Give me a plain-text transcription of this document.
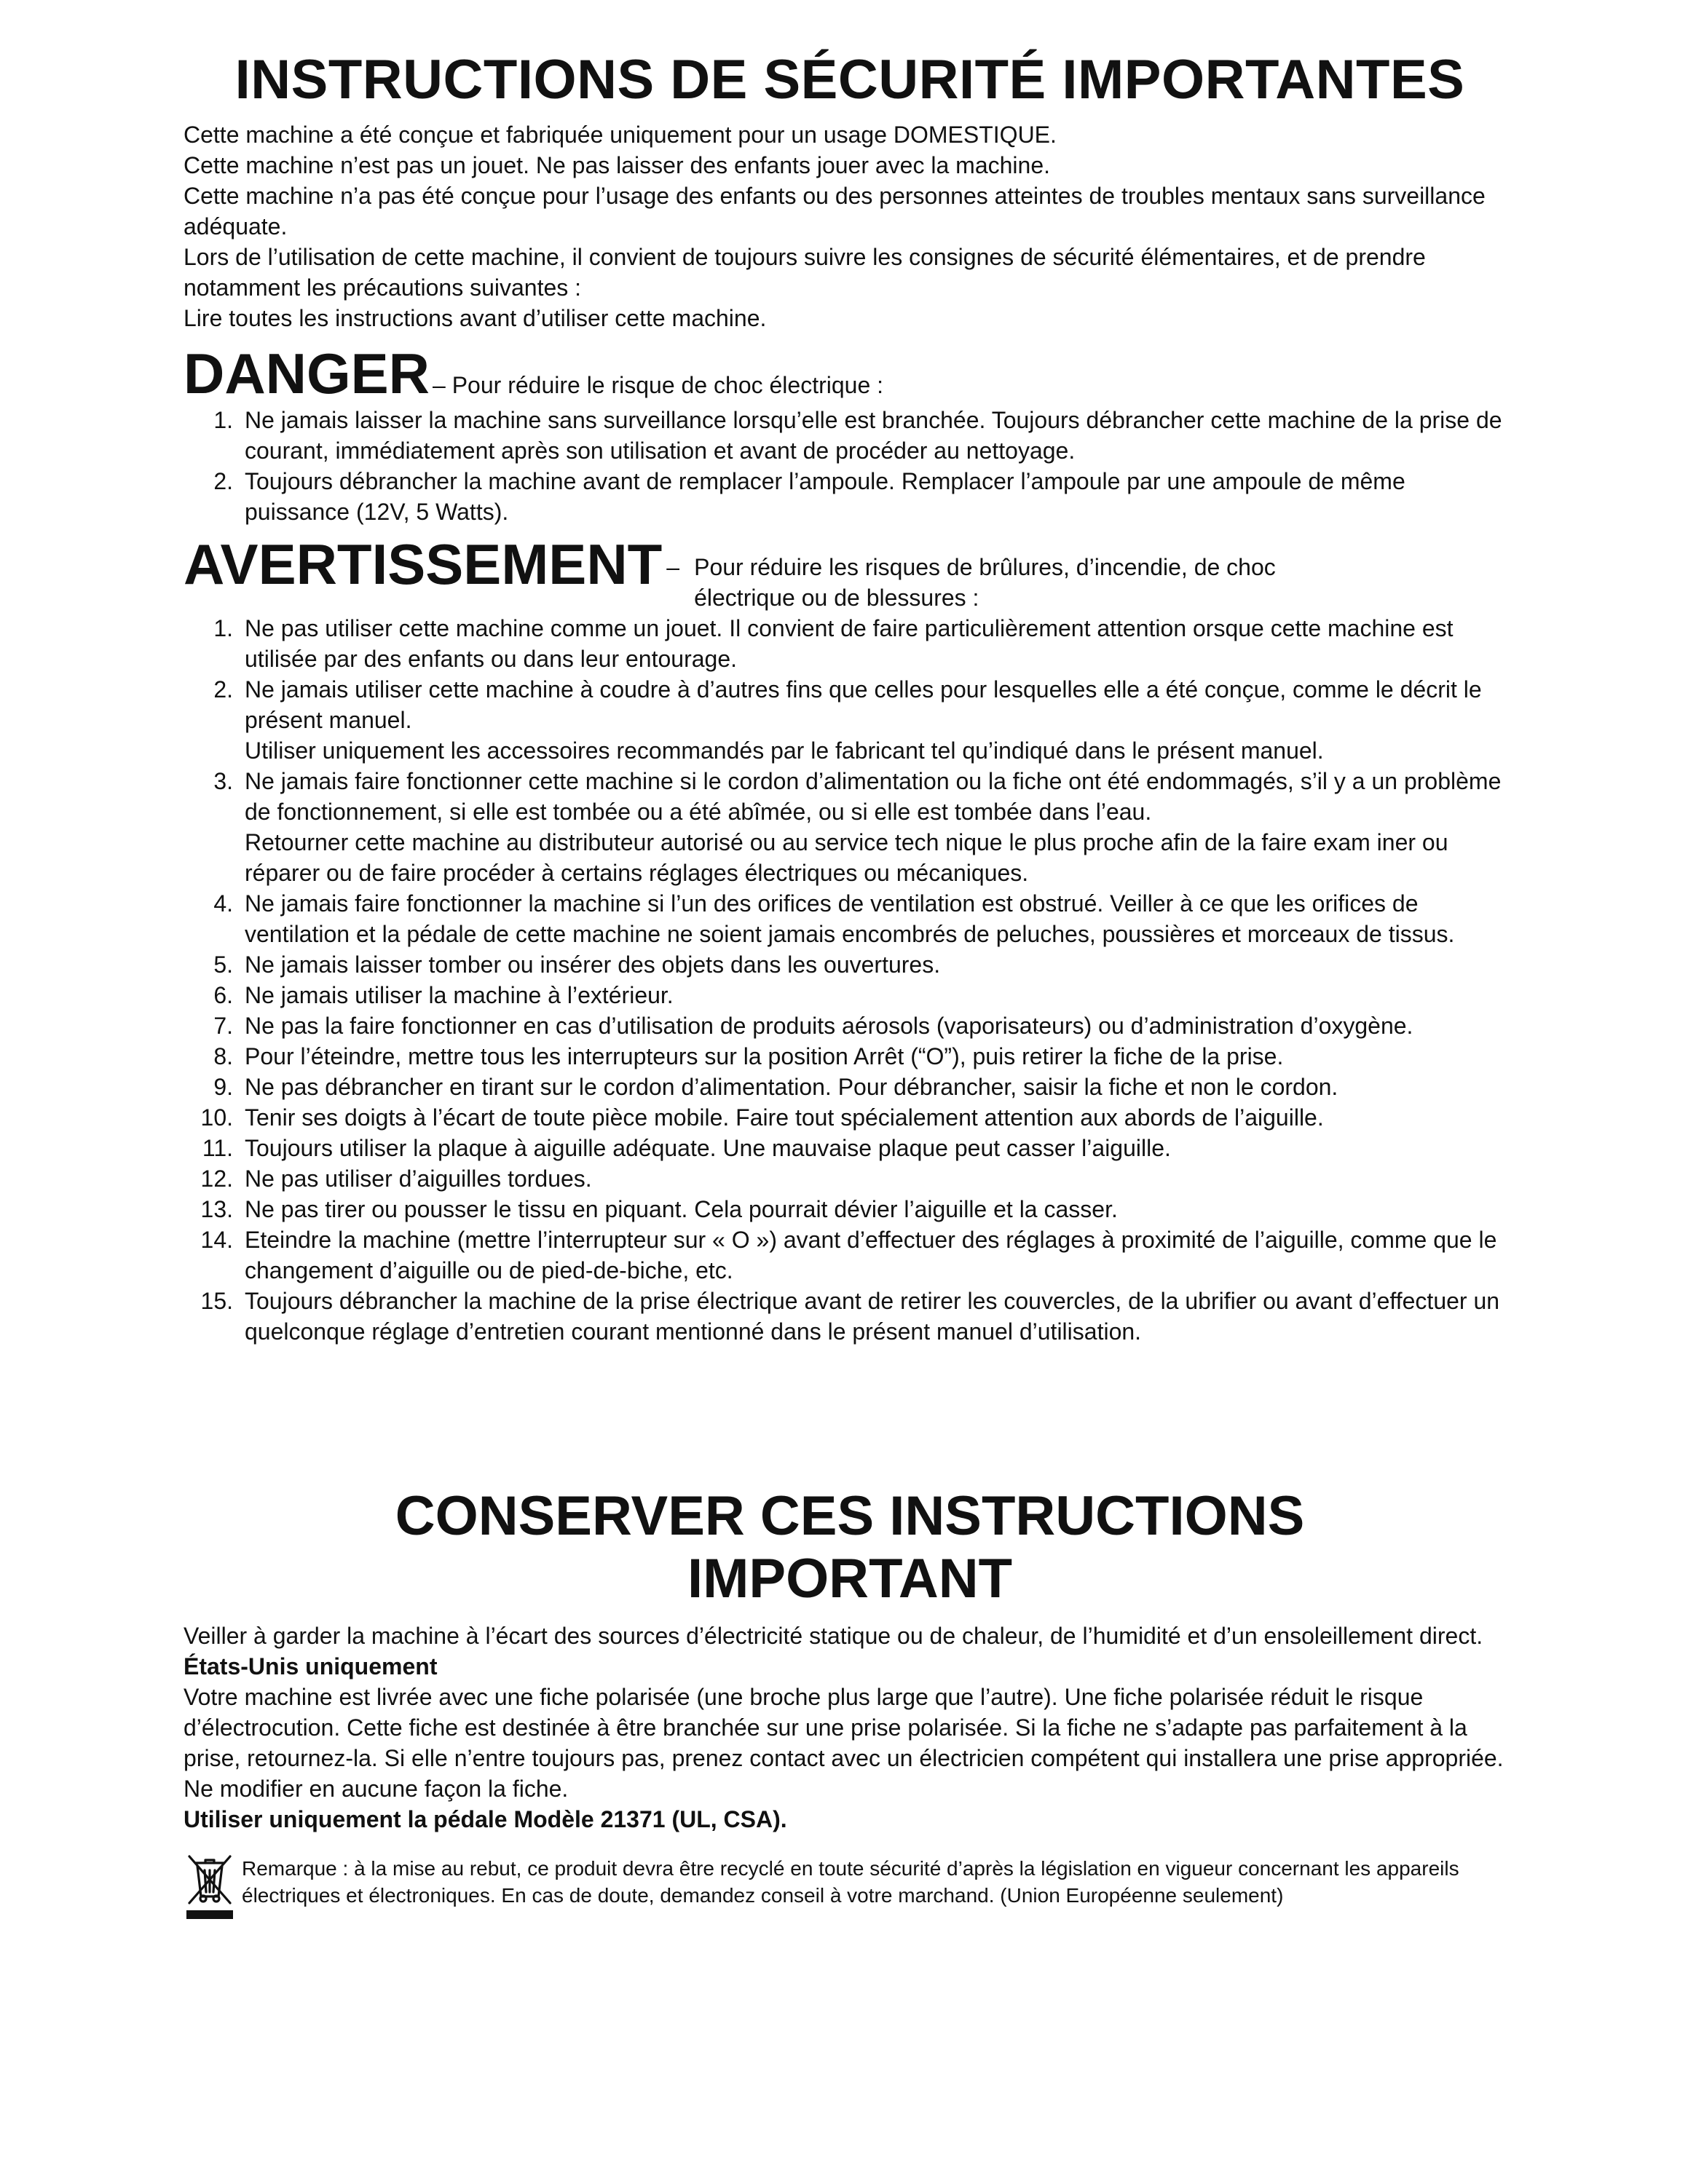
INSTRUCTIONS DE SÉCURITÉ IMPORTANTES

Cette machine a été conçue et fabriquée uniquement pour un usage DOMESTIQUE.

Cette machine n’est pas un jouet. Ne pas laisser des enfants jouer avec la machine.

Cette machine n’a pas été conçue pour l’usage des enfants ou des personnes atteintes de troubles mentaux sans surveillance adéquate.

Lors de l’utilisation de cette machine, il convient de toujours suivre les consignes de sécurité élémentaires, et de prendre notamment les précautions suivantes :

Lire toutes les instructions avant d’utiliser cette machine.

DANGER – Pour réduire le risque de choc électrique :
1. Ne jamais laisser la machine sans surveillance lorsqu’elle est branchée. Toujours débrancher cette machine de la prise de courant, immédiatement après son utilisation et avant de procéder au nettoyage.
2. Toujours débrancher la machine avant de remplacer l’ampoule. Remplacer l’ampoule par une ampoule de même puissance (12V, 5 Watts).
AVERTISSEMENT – Pour réduire les risques de brûlures, d’incendie, de choc électrique ou de blessures :
1. Ne pas utiliser cette machine comme un jouet. Il convient de faire particulièrement attention orsque cette machine est utilisée par des enfants ou dans leur entourage.
2. Ne jamais utiliser cette machine à coudre à d’autres fins que celles pour lesquelles elle a été conçue, comme le décrit le présent manuel.
Utiliser uniquement les accessoires recommandés par le fabricant tel qu’indiqué dans le présent manuel.
3. Ne jamais faire fonctionner cette machine si le cordon d’alimentation ou la fiche ont été endommagés, s’il y a un problème de fonctionnement, si elle est tombée ou a été abîmée, ou si elle est tombée dans l’eau.
Retourner cette machine au distributeur autorisé ou au service tech nique le plus proche afin de la faire exam iner ou réparer ou de faire procéder à certains réglages électriques ou mécaniques.
4. Ne jamais faire fonctionner la machine si l’un des orifices de ventilation est obstrué. Veiller à ce que les orifices de ventilation et la pédale de cette machine ne soient jamais encombrés de peluches, poussières et morceaux de tissus.
5. Ne jamais laisser tomber ou insérer des objets dans les ouvertures.
6. Ne jamais utiliser la machine à l’extérieur.
7. Ne pas la faire fonctionner en cas d’utilisation de produits aérosols (vaporisateurs) ou d’administration d’oxygène.
8. Pour l’éteindre, mettre tous les interrupteurs sur la position Arrêt (“O”), puis retirer la fiche de la prise.
9. Ne pas débrancher en tirant sur le cordon d’alimentation. Pour débrancher, saisir la fiche et non le cordon.
10. Tenir ses doigts à l’écart de toute pièce mobile. Faire tout spécialement attention aux abords de l’aiguille.
11. Toujours utiliser la plaque à aiguille adéquate. Une mauvaise plaque peut casser l’aiguille.
12. Ne pas utiliser d’aiguilles tordues.
13. Ne pas tirer ou pousser le tissu en piquant. Cela pourrait dévier l’aiguille et la casser.
14. Eteindre la machine (mettre l’interrupteur sur « O ») avant d’effectuer des réglages à proximité de l’aiguille, comme que le changement d’aiguille ou de pied-de-biche, etc.
15. Toujours débrancher la machine de la prise électrique avant de retirer les couvercles, de la ubrifier ou avant d’effectuer un quelconque réglage d’entretien courant mentionné dans le présent manuel d’utilisation.
CONSERVER CES INSTRUCTIONS
IMPORTANT

Veiller à garder la machine à l’écart des sources d’électricité statique ou de chaleur, de l’humidité et d’un ensoleillement direct.

États-Unis uniquement

Votre machine est livrée avec une fiche polarisée (une broche plus large que l’autre). Une fiche polarisée réduit le risque d’électrocution. Cette fiche est destinée à être branchée sur une prise polarisée. Si la fiche ne s’adapte pas parfaitement à la prise, retournez-la. Si elle n’entre toujours pas, prenez contact avec un électricien compétent qui installera une prise appropriée. Ne modifier en aucune façon la fiche.

Utiliser uniquement la pédale Modèle 21371 (UL, CSA).

Remarque : à la mise au rebut, ce produit devra être recyclé en toute sécurité d’après la législation en vigueur concernant les appareils électriques et électroniques. En cas de doute, demandez conseil à votre marchand. (Union Européenne seulement)
